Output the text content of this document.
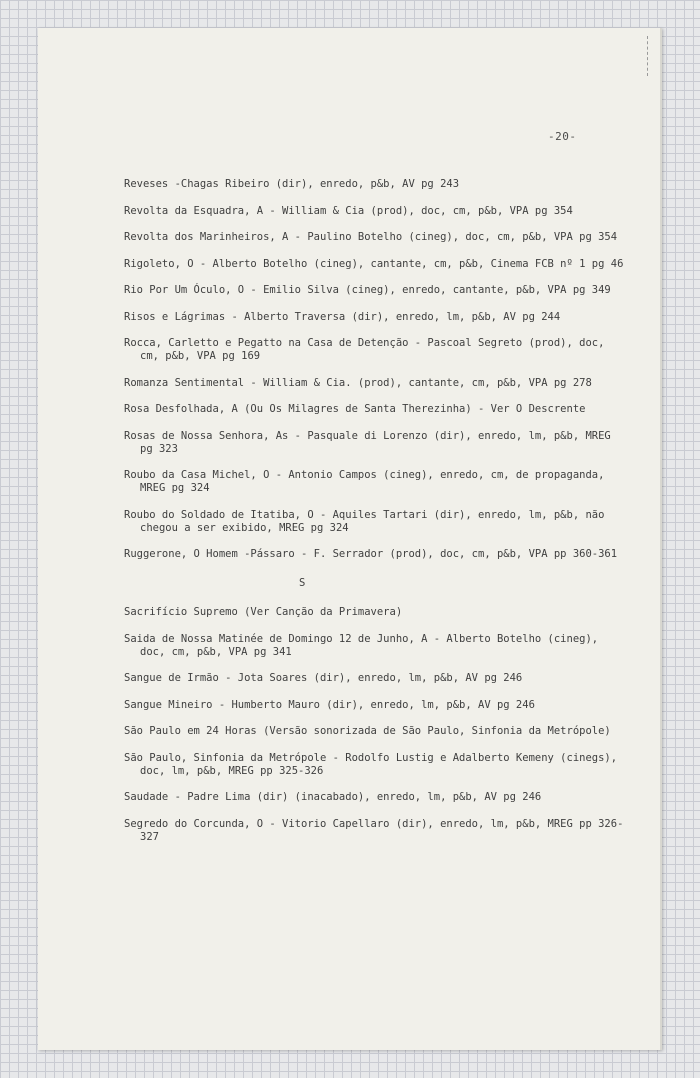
-20-
Reveses -Chagas Ribeiro (dir), enredo, p&b, AV pg 243
Revolta da Esquadra, A - William & Cia (prod), doc, cm, p&b, VPA pg 354
Revolta dos Marinheiros, A - Paulino Botelho (cineg), doc, cm, p&b, VPA pg 354
Rigoleto, O - Alberto Botelho (cineg), cantante, cm, p&b, Cinema FCB nº 1 pg 46
Rio Por Um Óculo, O - Emilio Silva (cineg), enredo, cantante, p&b, VPA pg 349
Risos e Lágrimas - Alberto Traversa (dir), enredo, lm, p&b, AV pg 244
Rocca, Carletto e Pegatto na Casa de Detenção - Pascoal Segreto (prod), doc, cm, p&b, VPA pg 169
Romanza Sentimental - William & Cia. (prod), cantante, cm, p&b, VPA pg 278
Rosa Desfolhada, A (Ou Os Milagres de Santa Therezinha) - Ver O Descrente
Rosas de Nossa Senhora, As - Pasquale di Lorenzo (dir), enredo, lm, p&b, MREG pg 323
Roubo da Casa Michel, O - Antonio Campos (cineg), enredo, cm, de propaganda, MREG pg 324
Roubo do Soldado de Itatiba, O - Aquiles Tartari (dir), enredo, lm, p&b, não chegou a ser exibido, MREG pg 324
Ruggerone, O Homem -Pássaro - F. Serrador (prod), doc, cm, p&b, VPA pp 360-361
S
Sacrifício Supremo (Ver Canção da Primavera)
Saida de Nossa Matinée de Domingo 12 de Junho, A - Alberto Botelho (cineg), doc, cm, p&b, VPA pg 341
Sangue de Irmão - Jota Soares (dir), enredo, lm, p&b, AV pg 246
Sangue Mineiro - Humberto Mauro (dir), enredo, lm, p&b, AV pg 246
São Paulo em 24 Horas (Versão sonorizada de São Paulo, Sinfonia da Metrópole)
São Paulo, Sinfonia da Metrópole - Rodolfo Lustig e Adalberto Kemeny (cinegs), doc, lm, p&b, MREG pp 325-326
Saudade - Padre Lima (dir) (inacabado), enredo, lm, p&b, AV pg 246
Segredo do Corcunda, O - Vitorio Capellaro (dir), enredo, lm, p&b, MREG pp 326-327
